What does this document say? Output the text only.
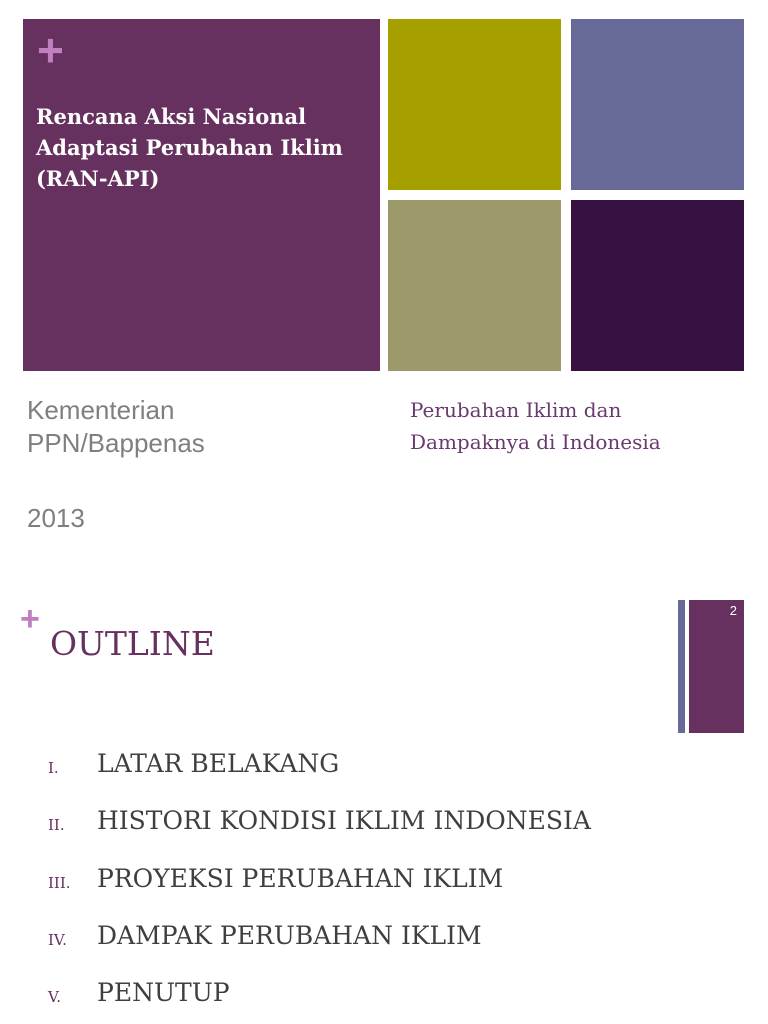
+
Rencana Aksi Nasional
Adaptasi Perubahan Iklim
(RAN-API)
Kementerian
PPN/Bappenas
2013
Perubahan Iklim dan
Dampaknya di Indonesia
+
OUTLINE
2
I. LATAR BELAKANG
II. HISTORI KONDISI IKLIM INDONESIA
III. PROYEKSI PERUBAHAN IKLIM
IV. DAMPAK PERUBAHAN IKLIM
V. PENUTUP
